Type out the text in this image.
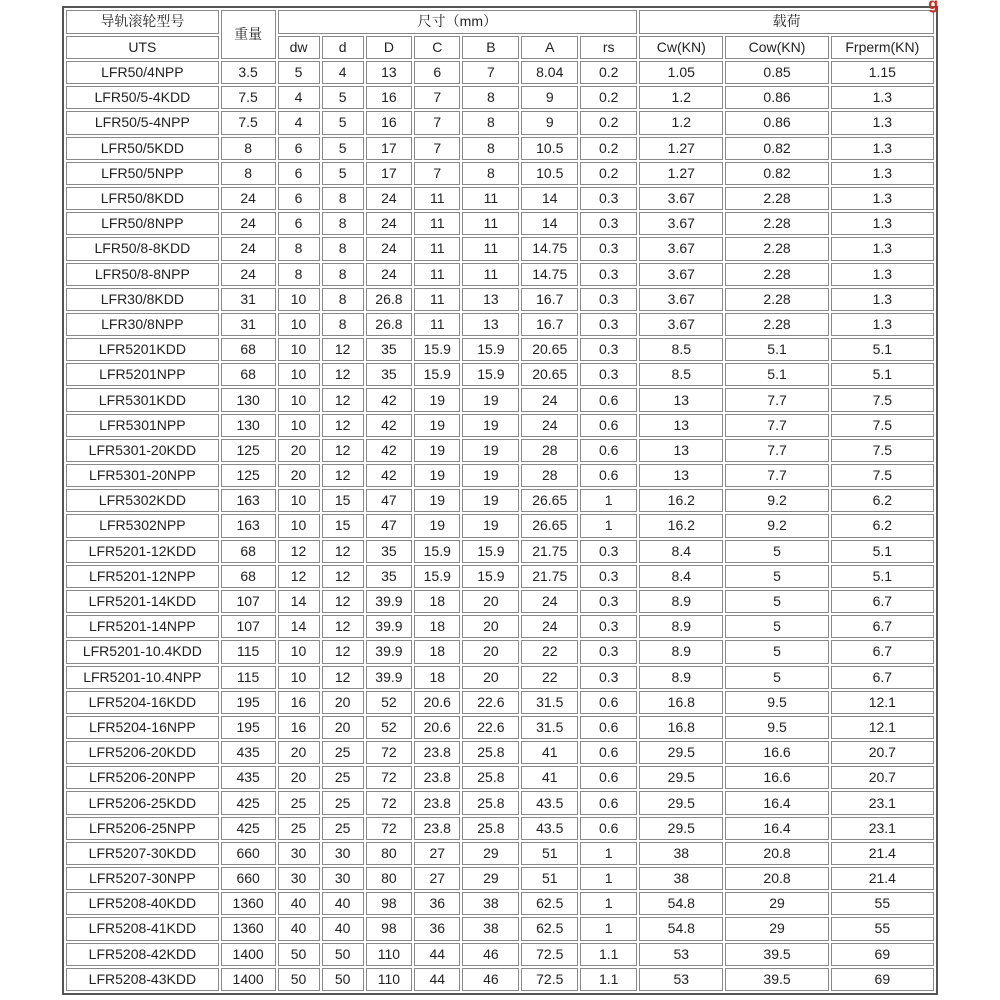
g
导轨滚轮型号	重量	尺寸（mm）							载荷		
UTS		dw	d	D	C	B	A	rs	Cw(KN)	Cow(KN)	Frperm(KN)
LFR50/4NPP	3.5	5	4	13	6	7	8.04	0.2	1.05	0.85	1.15
LFR50/5-4KDD	7.5	4	5	16	7	8	9	0.2	1.2	0.86	1.3
LFR50/5-4NPP	7.5	4	5	16	7	8	9	0.2	1.2	0.86	1.3
LFR50/5KDD	8	6	5	17	7	8	10.5	0.2	1.27	0.82	1.3
LFR50/5NPP	8	6	5	17	7	8	10.5	0.2	1.27	0.82	1.3
LFR50/8KDD	24	6	8	24	11	11	14	0.3	3.67	2.28	1.3
LFR50/8NPP	24	6	8	24	11	11	14	0.3	3.67	2.28	1.3
LFR50/8-8KDD	24	8	8	24	11	11	14.75	0.3	3.67	2.28	1.3
LFR50/8-8NPP	24	8	8	24	11	11	14.75	0.3	3.67	2.28	1.3
LFR30/8KDD	31	10	8	26.8	11	13	16.7	0.3	3.67	2.28	1.3
LFR30/8NPP	31	10	8	26.8	11	13	16.7	0.3	3.67	2.28	1.3
LFR5201KDD	68	10	12	35	15.9	15.9	20.65	0.3	8.5	5.1	5.1
LFR5201NPP	68	10	12	35	15.9	15.9	20.65	0.3	8.5	5.1	5.1
LFR5301KDD	130	10	12	42	19	19	24	0.6	13	7.7	7.5
LFR5301NPP	130	10	12	42	19	19	24	0.6	13	7.7	7.5
LFR5301-20KDD	125	20	12	42	19	19	28	0.6	13	7.7	7.5
LFR5301-20NPP	125	20	12	42	19	19	28	0.6	13	7.7	7.5
LFR5302KDD	163	10	15	47	19	19	26.65	1	16.2	9.2	6.2
LFR5302NPP	163	10	15	47	19	19	26.65	1	16.2	9.2	6.2
LFR5201-12KDD	68	12	12	35	15.9	15.9	21.75	0.3	8.4	5	5.1
LFR5201-12NPP	68	12	12	35	15.9	15.9	21.75	0.3	8.4	5	5.1
LFR5201-14KDD	107	14	12	39.9	18	20	24	0.3	8.9	5	6.7
LFR5201-14NPP	107	14	12	39.9	18	20	24	0.3	8.9	5	6.7
LFR5201-10.4KDD	115	10	12	39.9	18	20	22	0.3	8.9	5	6.7
LFR5201-10.4NPP	115	10	12	39.9	18	20	22	0.3	8.9	5	6.7
LFR5204-16KDD	195	16	20	52	20.6	22.6	31.5	0.6	16.8	9.5	12.1
LFR5204-16NPP	195	16	20	52	20.6	22.6	31.5	0.6	16.8	9.5	12.1
LFR5206-20KDD	435	20	25	72	23.8	25.8	41	0.6	29.5	16.6	20.7
LFR5206-20NPP	435	20	25	72	23.8	25.8	41	0.6	29.5	16.6	20.7
LFR5206-25KDD	425	25	25	72	23.8	25.8	43.5	0.6	29.5	16.4	23.1
LFR5206-25NPP	425	25	25	72	23.8	25.8	43.5	0.6	29.5	16.4	23.1
LFR5207-30KDD	660	30	30	80	27	29	51	1	38	20.8	21.4
LFR5207-30NPP	660	30	30	80	27	29	51	1	38	20.8	21.4
LFR5208-40KDD	1360	40	40	98	36	38	62.5	1	54.8	29	55
LFR5208-41KDD	1360	40	40	98	36	38	62.5	1	54.8	29	55
LFR5208-42KDD	1400	50	50	110	44	46	72.5	1.1	53	39.5	69
LFR5208-43KDD	1400	50	50	110	44	46	72.5	1.1	53	39.5	69
